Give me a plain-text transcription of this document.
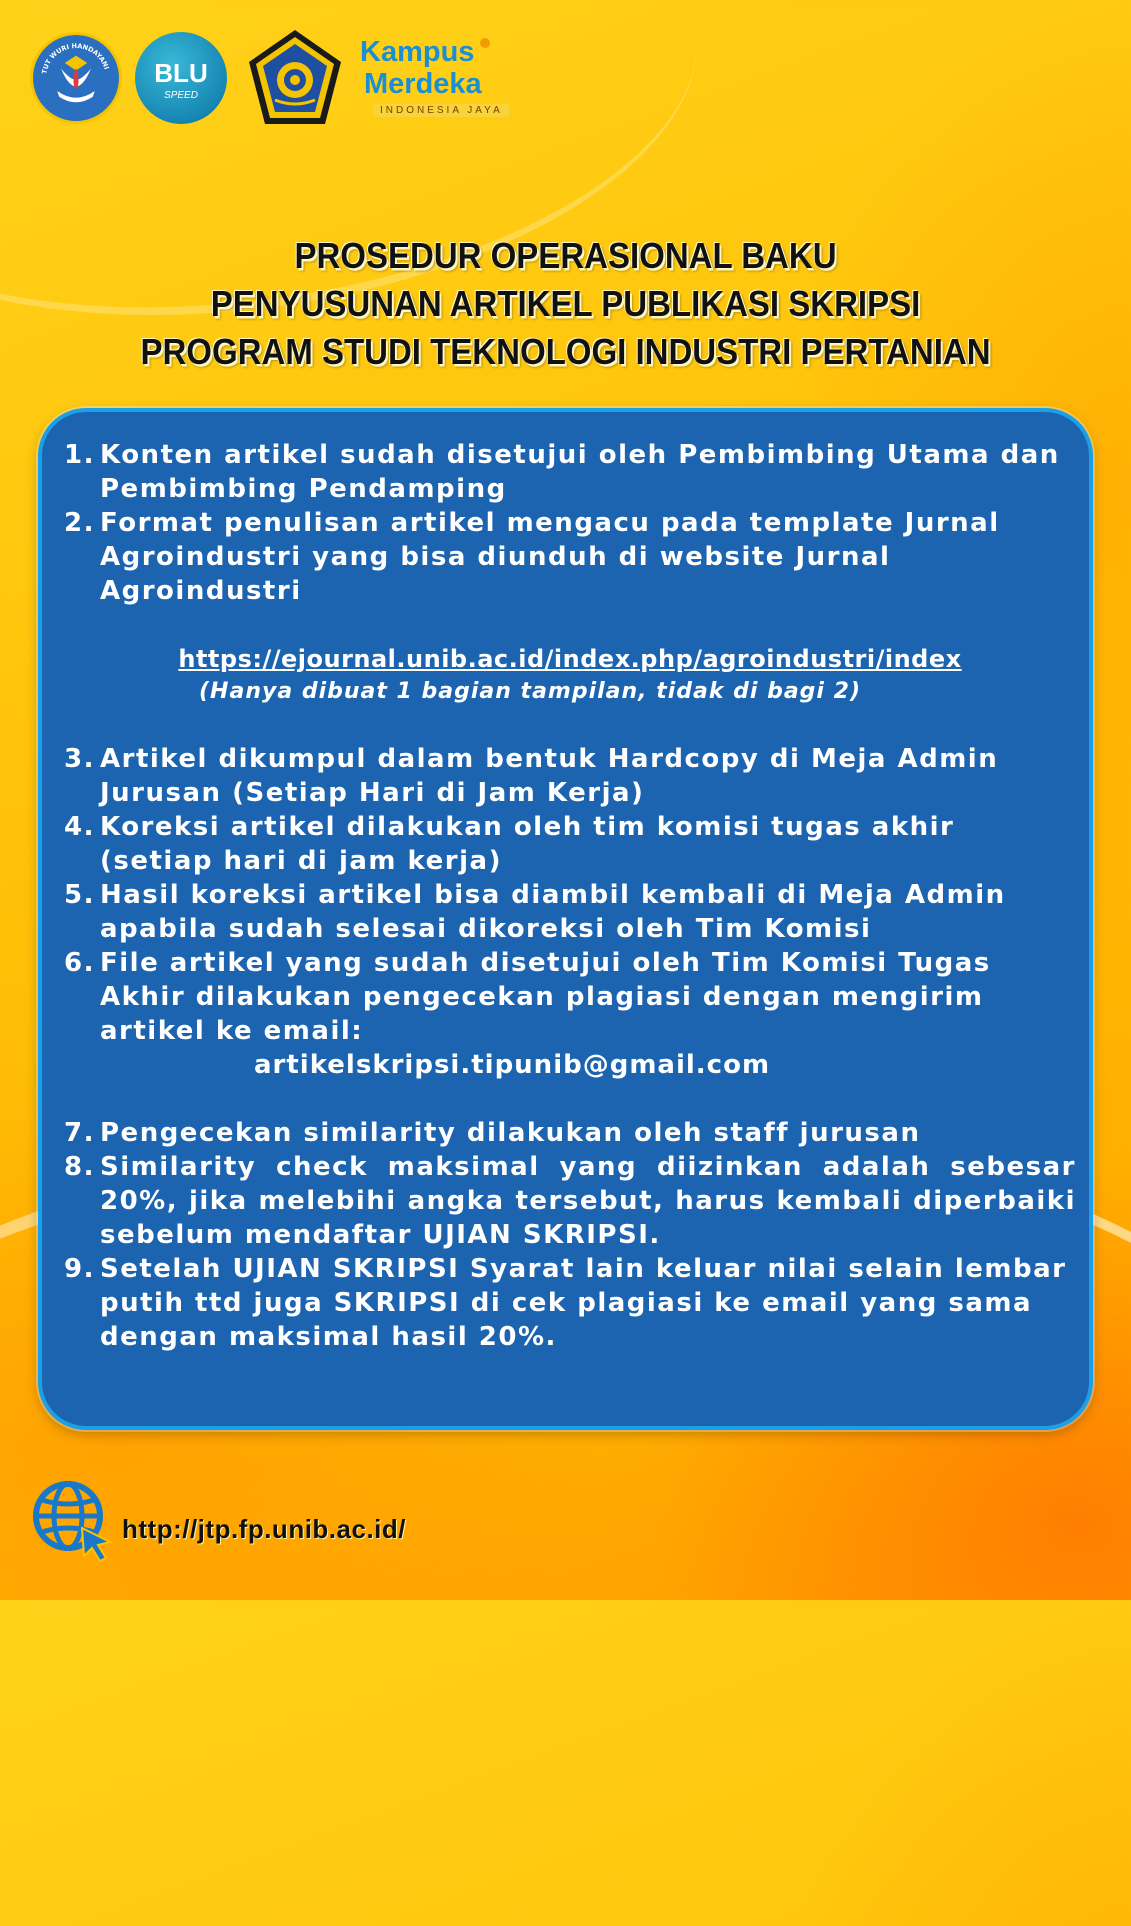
TUT WURI HANDAYANI	BLU
SPEED
Kampus
Merdeka
INDONESIA JAYA
PROSEDUR OPERASIONAL BAKU
PENYUSUNAN ARTIKEL PUBLIKASI SKRIPSI
PROGRAM STUDI TEKNOLOGI INDUSTRI PERTANIAN
1. Konten artikel sudah disetujui oleh Pembimbing Utama dan Pembimbing Pendamping
2. Format penulisan artikel mengacu pada template Jurnal Agroindustri yang bisa diunduh di website Jurnal Agroindustri
https://ejournal.unib.ac.id/index.php/agroindustri/index
(Hanya dibuat 1 bagian tampilan, tidak di bagi 2)
3. Artikel dikumpul dalam bentuk Hardcopy di Meja Admin Jurusan (Setiap Hari di Jam Kerja)
4. Koreksi artikel dilakukan oleh tim komisi tugas akhir (setiap hari di jam kerja)
5. Hasil koreksi artikel bisa diambil kembali di Meja Admin apabila sudah selesai dikoreksi oleh Tim Komisi
6. File artikel yang sudah disetujui oleh Tim Komisi Tugas Akhir dilakukan pengecekan plagiasi dengan mengirim artikel ke email:
artikelskripsi.tipunib@gmail.com
7. Pengecekan similarity dilakukan oleh staff jurusan
8. Similarity check maksimal yang diizinkan adalah sebesar 20%, jika melebihi angka tersebut, harus kembali diperbaiki sebelum mendaftar UJIAN SKRIPSI.
9. Setelah UJIAN SKRIPSI Syarat lain keluar nilai selain lembar putih ttd juga SKRIPSI di cek plagiasi ke email yang sama dengan maksimal hasil 20%.
http://jtp.fp.unib.ac.id/
